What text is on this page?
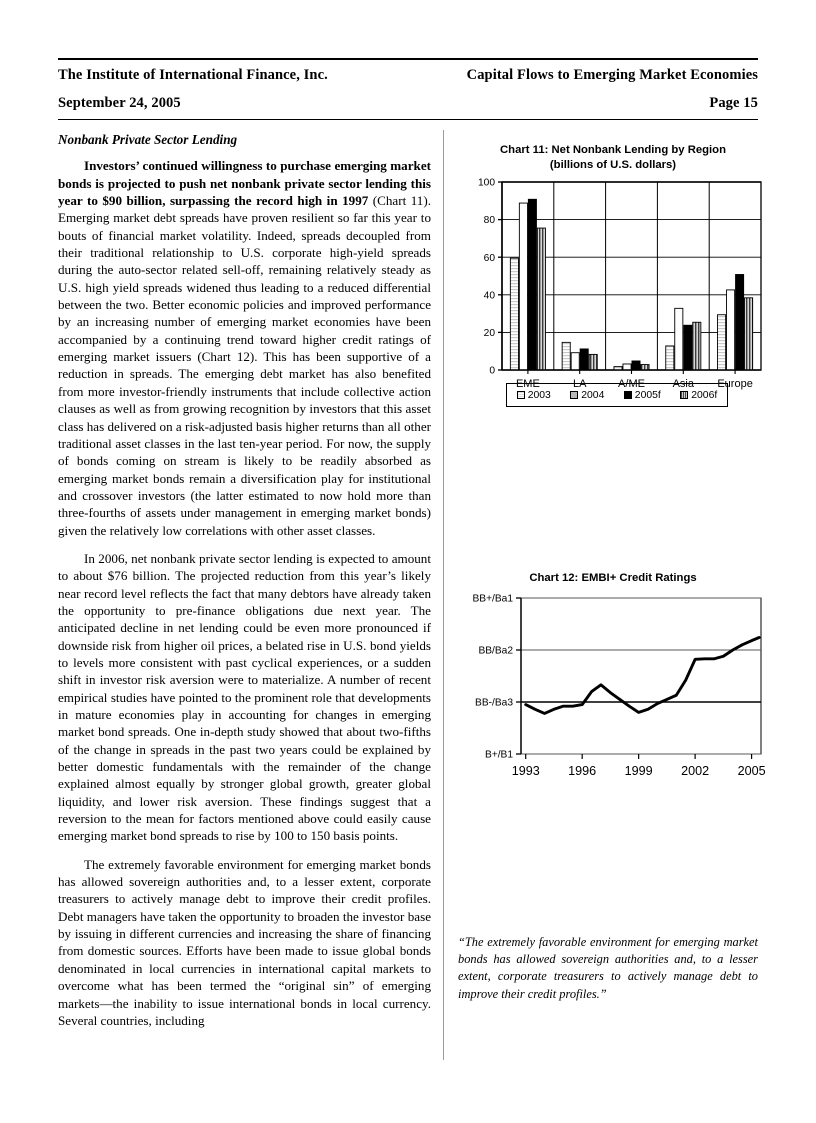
The Institute of International Finance, Inc.	Capital Flows to Emerging Market Economies
September 24, 2005	Page 15
Nonbank Private Sector Lending

Investors’ continued willingness to purchase emerging market bonds is projected to push net nonbank private sector lending this year to $90 billion, surpassing the record high in 1997 (Chart 11). Emerging market debt spreads have proven resilient so far this year to bouts of financial market volatility. Indeed, spreads decoupled from their traditional relationship to U.S. corporate high-yield spreads during the auto-sector related sell-off, remaining relatively steady as U.S. high yield spreads widened thus leading to a reduced differential between the two. Better economic policies and improved performance by an increasing number of emerging market economies have been accompanied by a continuing trend toward higher credit ratings of emerging market issuers (Chart 12). This has been supportive of a reduction in spreads. The emerging debt market has also benefited from more investor-friendly instruments that include collective action clauses as well as from growing recognition by investors that this asset class has delivered on a risk-adjusted basis higher returns than all other traditional asset classes in the last ten-year period. For now, the supply of bonds coming on stream is likely to be readily absorbed as emerging market bonds remain a diversification play for institutional and crossover investors (the latter estimated to now hold more than three-fourths of assets under management in emerging market bonds) given the relatively low correlations with other asset classes.

In 2006, net nonbank private sector lending is expected to amount to about $76 billion. The projected reduction from this year’s likely near record level reflects the fact that many debtors have already taken the opportunity to pre-finance obligations due next year. The anticipated decline in net lending could be even more pronounced if downside risk from higher oil prices, a belated rise in U.S. bond yields to levels more consistent with past cyclical experiences, or a sudden shift in investor risk aversion were to materialize. A number of recent empirical studies have pointed to the prominent role that developments in mature economies play in accounting for changes in emerging market bond spreads. One in-depth study showed that about two-fifths of the change in spreads in the past two years could be explained by better domestic fundamentals with the remainder of the change explained almost equally by stronger global growth, greater global liquidity, and lower risk aversion. These findings suggest that a reversion to the mean for factors mentioned above could easily cause emerging market bond spreads to rise by 100 to 150 basis points.

The extremely favorable environment for emerging market bonds has allowed sovereign authorities and, to a lesser extent, corporate treasurers to actively manage debt to improve their credit profiles. Debt managers have taken the opportunity to broaden the investor base by issuing in different currencies and increasing the share of financing from domestic sources. Efforts have been made to issue global bonds denominated in local currencies in international capital markets to overcome what has been termed the “original sin” of emerging markets—the inability to issue international bonds in local currency. Several countries, including

Chart 11: Net Nonbank Lending by Region
(billions of U.S. dollars)
0
20
40
60
80
100
EME	LA	A/ME	Asia Europe
2003	2004	2005f	2006f
Chart 12: EMBI+ Credit Ratings
B+/B1
BB-/Ba3
BB/Ba2
BB+/Ba1
1993 1996 1999 2002 2005
“The extremely favorable environment for emerging market bonds has allowed sovereign authorities and, to a lesser extent, corporate treasurers to actively manage debt to improve their credit profiles.”
